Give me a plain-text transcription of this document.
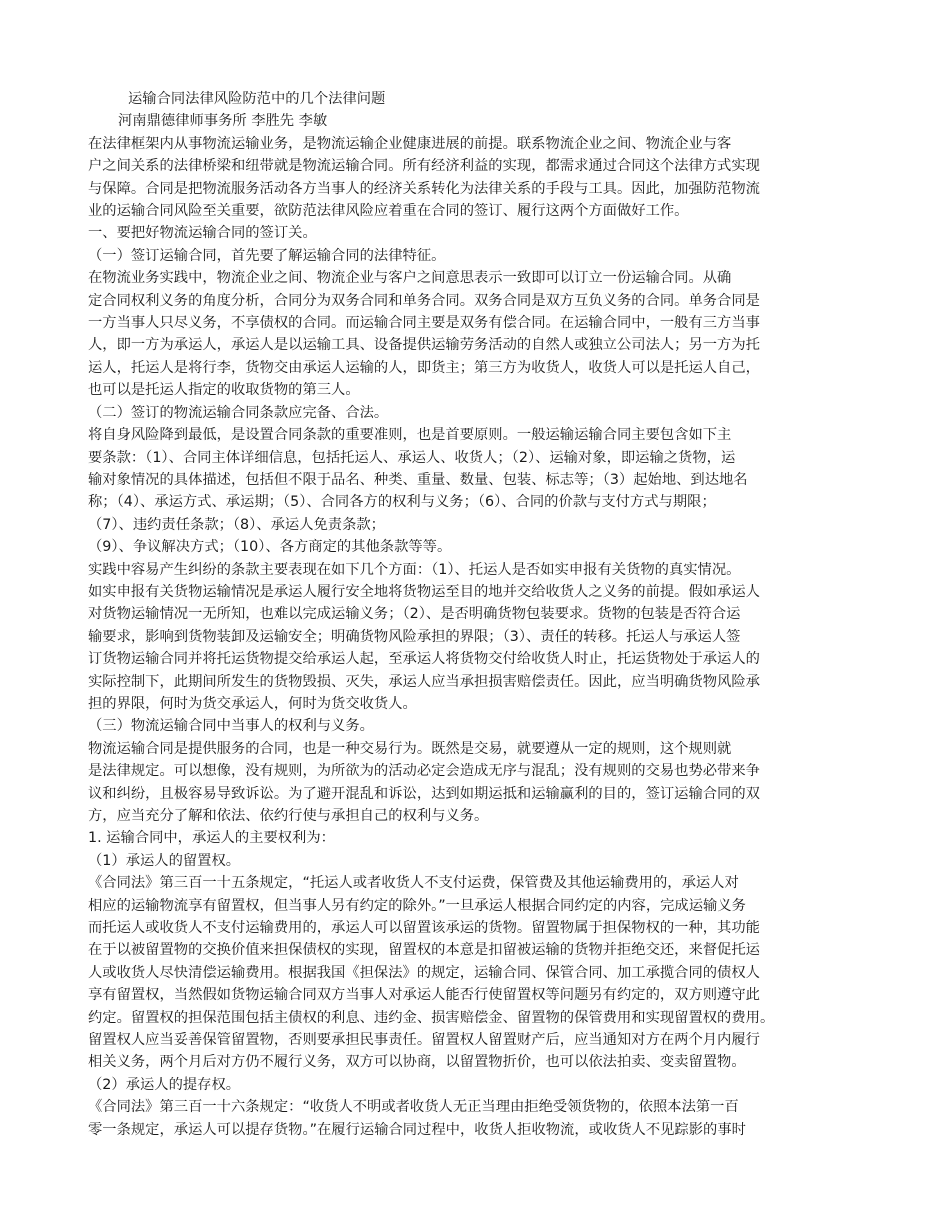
运输合同法律风险防范中的几个法律问题

河南鼎德律师事务所 李胜先 李敏

在法律框架内从事物流运输业务，是物流运输企业健康进展的前提。联系物流企业之间、物流企业与客

户之间关系的法律桥梁和纽带就是物流运输合同。所有经济利益的实现，都需求通过合同这个法律方式实现

与保障。合同是把物流服务活动各方当事人的经济关系转化为法律关系的手段与工具。因此，加强防范物流

业的运输合同风险至关重要，欲防范法律风险应着重在合同的签订、履行这两个方面做好工作。

一、要把好物流运输合同的签订关。

（一）签订运输合同，首先要了解运输合同的法律特征。

在物流业务实践中，物流企业之间、物流企业与客户之间意思表示一致即可以订立一份运输合同。从确

定合同权利义务的角度分析，合同分为双务合同和单务合同。双务合同是双方互负义务的合同。单务合同是

一方当事人只尽义务，不享债权的合同。而运输合同主要是双务有偿合同。在运输合同中，一般有三方当事

人，即一方为承运人，承运人是以运输工具、设备提供运输劳务活动的自然人或独立公司法人；另一方为托

运人，托运人是将行李，货物交由承运人运输的人，即货主；第三方为收货人，收货人可以是托运人自己，

也可以是托运人指定的收取货物的第三人。

（二）签订的物流运输合同条款应完备、合法。

将自身风险降到最低，是设置合同条款的重要准则，也是首要原则。一般运输运输合同主要包含如下主

要条款：（1）、合同主体详细信息，包括托运人、承运人、收货人；（2）、运输对象，即运输之货物，运

输对象情况的具体描述，包括但不限于品名、种类、重量、数量、包装、标志等；（3）起始地、到达地名

称；（4）、承运方式、承运期；（5）、合同各方的权利与义务；（6）、合同的价款与支付方式与期限；

（7）、违约责任条款；（8）、承运人免责条款；

（9）、争议解决方式；（10）、各方商定的其他条款等等。

实践中容易产生纠纷的条款主要表现在如下几个方面：（1）、托运人是否如实申报有关货物的真实情况。

如实申报有关货物运输情况是承运人履行安全地将货物运至目的地并交给收货人之义务的前提。假如承运人

对货物运输情况一无所知，也难以完成运输义务；（2）、是否明确货物包装要求。货物的包装是否符合运

输要求，影响到货物装卸及运输安全；明确货物风险承担的界限；（3）、责任的转移。托运人与承运人签

订货物运输合同并将托运货物提交给承运人起，至承运人将货物交付给收货人时止，托运货物处于承运人的

实际控制下，此期间所发生的货物毁损、灭失，承运人应当承担损害赔偿责任。因此，应当明确货物风险承

担的界限，何时为货交承运人，何时为货交收货人。

（三）物流运输合同中当事人的权利与义务。

物流运输合同是提供服务的合同，也是一种交易行为。既然是交易，就要遵从一定的规则，这个规则就

是法律规定。可以想像，没有规则，为所欲为的活动必定会造成无序与混乱；没有规则的交易也势必带来争

议和纠纷，且极容易导致诉讼。为了避开混乱和诉讼，达到如期运抵和运输赢利的目的，签订运输合同的双

方，应当充分了解和依法、依约行使与承担自己的权利与义务。

1. 运输合同中，承运人的主要权利为：

（1）承运人的留置权。

《合同法》第三百一十五条规定，“托运人或者收货人不支付运费，保管费及其他运输费用的，承运人对

相应的运输物流享有留置权，但当事人另有约定的除外。”一旦承运人根据合同约定的内容，完成运输义务

而托运人或收货人不支付运输费用的，承运人可以留置该承运的货物。留置物属于担保物权的一种，其功能

在于以被留置物的交换价值来担保债权的实现，留置权的本意是扣留被运输的货物并拒绝交还，来督促托运

人或收货人尽快清偿运输费用。根据我国《担保法》的规定，运输合同、保管合同、加工承揽合同的债权人

享有留置权，当然假如货物运输合同双方当事人对承运人能否行使留置权等问题另有约定的，双方则遵守此

约定。留置权的担保范围包括主债权的利息、违约金、损害赔偿金、留置物的保管费用和实现留置权的费用。

留置权人应当妥善保管留置物，否则要承担民事责任。留置权人留置财产后，应当通知对方在两个月内履行

相关义务，两个月后对方仍不履行义务，双方可以协商，以留置物折价，也可以依法拍卖、变卖留置物。

（2）承运人的提存权。

《合同法》第三百一十六条规定：“收货人不明或者收货人无正当理由拒绝受领货物的，依照本法第一百

零一条规定，承运人可以提存货物。”在履行运输合同过程中，收货人拒收物流，或收货人不见踪影的事时
